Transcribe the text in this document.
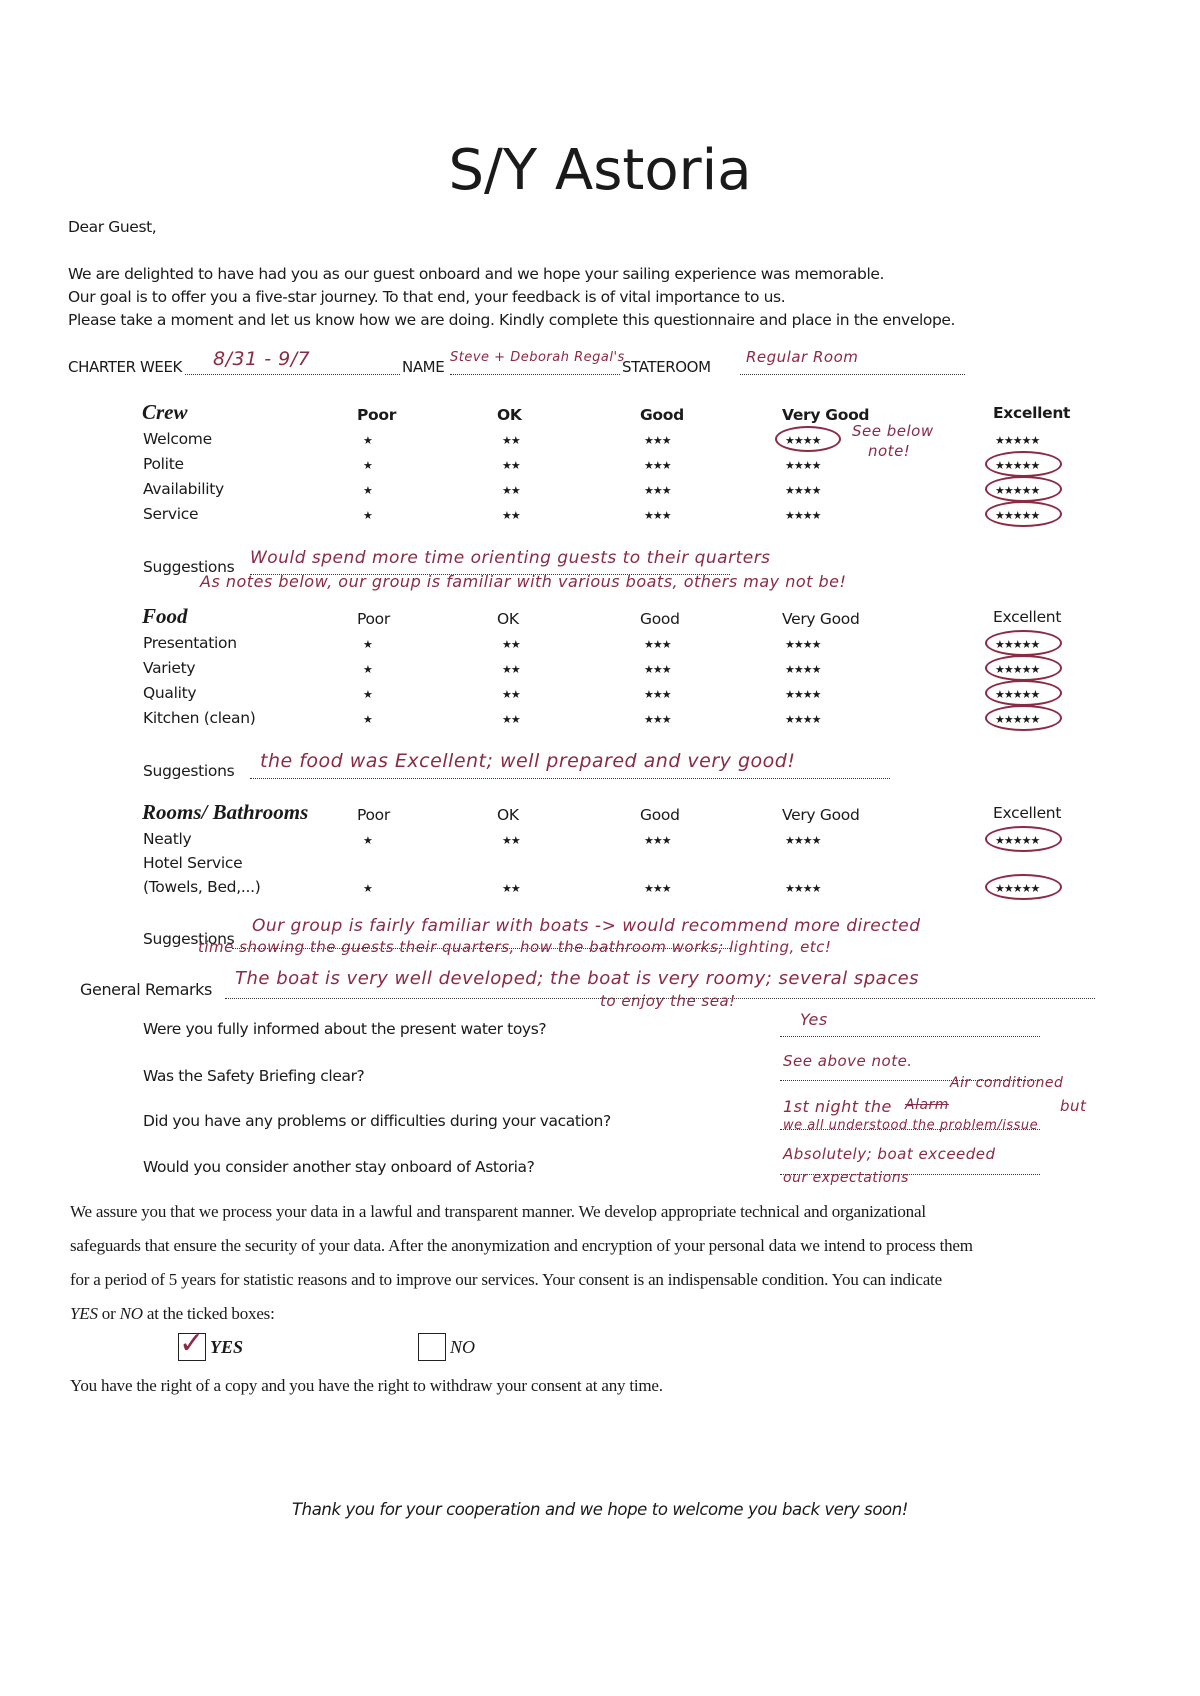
S/Y Astoria
Dear Guest,
We are delighted to have had you as our guest onboard and we hope your sailing experience was memorable.
Our goal is to offer you a five-star journey. To that end, your feedback is of vital importance to us.
Please take a moment and let us know how we are doing. Kindly complete this questionnaire and place in the envelope.
CHARTER WEEK 8/31 - 9/7	NAME
Steve + Deborah Regal's
STATEROOM
Regular Room
Crew	Poor	OK	Good	Very Good	Excellent
Welcome	★	★★	★★★	★★★★	★★★★★
Polite	★	★★	★★★	★★★★	★★★★★
Availability	★	★★	★★★	★★★★	★★★★★
Service	★	★★	★★★	★★★★	★★★★★
See below
note!
Suggestions Would spend more time orienting guests to their quarters
As notes below, our group is familiar with various boats, others may not be!
Food	Poor	OK	Good	Very Good	Excellent
Presentation	★	★★	★★★	★★★★	★★★★★
Variety	★	★★	★★★	★★★★	★★★★★
Quality	★	★★	★★★	★★★★	★★★★★
Kitchen (clean)	★	★★	★★★	★★★★	★★★★★
Suggestions the food was Excellent; well prepared and very good!
Rooms/ Bathrooms	Poor	OK	Good	Very Good	Excellent
Neatly	★	★★	★★★	★★★★	★★★★★
Hotel Service
(Towels, Bed,...)	★	★★	★★★	★★★★	★★★★★
Suggestions
Our group is fairly familiar with boats -> would recommend more directed
time showing the guests their quarters, how the bathroom works; lighting, etc!
General Remarks
The boat is very well developed; the boat is very roomy; several spaces
to enjoy the sea!
Were you fully informed about the present water toys?	Yes
Was the Safety Briefing clear?
See above note.
Did you have any problems or difficulties during your vacation?
Air conditioned
1st night the Alarm	but
we all understood the problem/issue
Would you consider another stay onboard of Astoria?
Absolutely; boat exceeded
our expectations
We assure you that we process your data in a lawful and transparent manner. We develop appropriate technical and organizational
safeguards that ensure the security of your data. After the anonymization and encryption of your personal data we intend to process them
for a period of 5 years for statistic reasons and to improve our services. Your consent is an indispensable condition. You can indicate
YES or NO at the ticked boxes:
✓ YES	NO
You have the right of a copy and you have the right to withdraw your consent at any time.
Thank you for your cooperation and we hope to welcome you back very soon!
